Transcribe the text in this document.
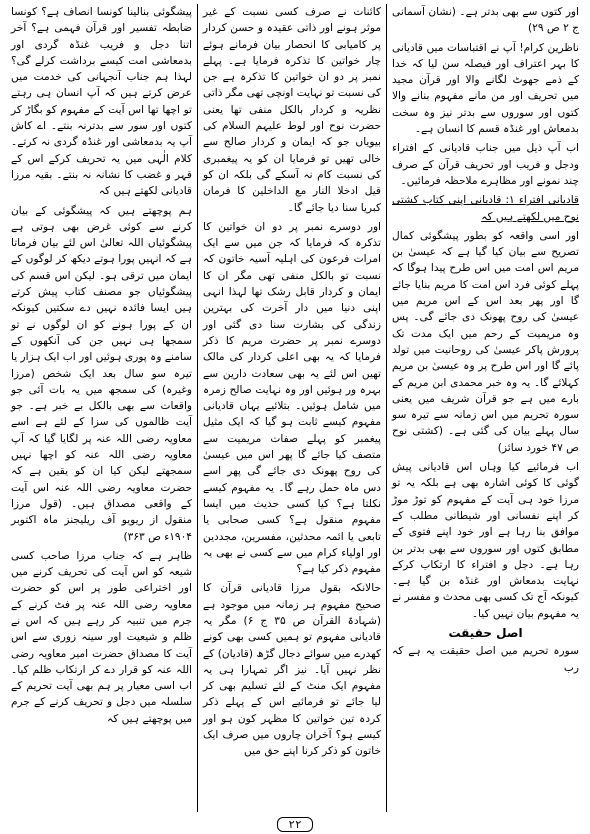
اور کتوں سے بھی بدتر ہے۔ (نشان آسمانی ج ۲ ص ۲۹)

ناظرین کرام! آپ نے اقتباسات میں قادیانی کا بہر اعتراف اور فیصلہ سن لیا کہ خدا کے ذمے جھوٹ لگانے والا اور قرآن مجید میں تحریف اور من مانے مفہوم بنانے والا کتوں اور سوروں سے بدتر نیز وہ سخت بدمعاش اور غنڈہ قسم کا انسان ہے۔

اب آپ ذیل میں جناب قادیانی کے افتراء ودجل و فریب اور تحریف قرآن کے صرف چند نمونے اور مظاہرے ملاحظہ فرمائیں۔

قادیانی افتراء ۱: قادیانی اپنی کتاب کشتی نوح میں لکھتے ہیں کہ

اور اسی واقعہ کو بطور پیشگوئی کمال تصریح سے بیان کیا گیا ہے کہ عیسیٰ بن مریم اس امت میں اس طرح پیدا ہوگا کہ پہلے کوئی فرد اس امت کا مریم بنایا جائے گا اور پھر بعد اس کے اس مریم میں عیسیٰ کی روح پھونک دی جائے گی۔ پس وہ مریمیت کے رحم میں ایک مدت تک پرورش پاکر عیسیٰ کی روحانیت میں تولد پائے گا اور اس طرح پر وہ عیسیٰ بن مریم کہلائے گا۔ یہ وہ خبر محمدی ابن مریم کے بارے میں ہے جو قرآن شریف میں یعنی سورہ تحریم میں اس زمانہ سے تیرہ سو سال پہلے بیان کی گئی ہے۔ (کشتی نوح ص ۴۷ خورد سائز)

اب فرمائیے کیا وہاں اس قادیانی پیش گوئی کا کوئی اشارہ بھی ہے بلکہ یہ تو مرزا خود ہی آیت کے مفہوم کو توڑ موڑ کر اپنے نفسانی اور شیطانی مطلب کے موافق بنا رہا ہے اور خود اپنے فتوی کے مطابق کتوں اور سوروں سے بھی بدتر بن رہا ہے۔ دجل و افتراء کا ارتکاب کرکے نہایت بدمعاش اور غنڈہ بن گیا ہے۔ کیونکہ آج تک کسی بھی محدث و مفسر نے یہ مفہوم بیان نہیں کیا۔

اصل حقیقت

سورہ تحریم میں اصل حقیقت یہ ہے کہ رب

کائنات نے صرف کسی نسبت کے غیر موثر ہونے اور ذاتی عقیدہ و حسن کردار پر کامیابی کا انحصار بیان فرمانے ہوئے چار خواتین کا تذکرہ فرمایا ہے۔ پہلے نمبر پر دو ان خواتین کا تذکرہ ہے جن کی نسبت تو نہایت اونچی تھی مگر ذاتی نظریہ و کردار بالکل منفی تھا یعنی حضرت نوح اور لوط علیہم السلام کی بیویاں جو کہ ایمان و کردار صالح سے خالی تھیں تو فرمایا ان کو یہ پیغمبری کی نسبت کام نہ آسکے گی بلکہ ان کو قیل ادخلا النار مع الداخلین کا فرمان کبریا سنا دیا جائے گا۔

اور دوسرے نمبر پر دو ان خواتین کا تذکرہ کہ فرمایا کہ جن میں سے ایک امرات فرعون کی اہلیہ آسیہ خاتون کہ نسبت تو بالکل منفی تھی مگر ان کا ایمان و کردار قابل رشک تھا لہذا انہی اپنی دنیا میں دار آخرت کی بہترین زندگی کی بشارت سنا دی گئی اور دوسرے نمبر پر حضرت مریم کا ذکر فرمایا کہ یہ بھی اعلی کردار کی مالک تھیں اس لئے یہ بھی سعادت دارین سے بہرہ ور ہوئیں اور وہ نہایت صالح زمرہ میں شامل ہوئیں۔ بتلائیے یہاں قادیانی مفہوم کیسے ثابت ہو گیا کہ ایک مثیل پیغمبر کو پہلے صفات مریمیت سے متصف کیا جائے گا پھر اس میں عیسیٰ کی روح پھونک دی جائے گی پھر اسے دس ماہ حمل رہے گا۔ یہ مفہوم کیسے نکلتا ہے؟ کیا کسی حدیث میں ایسا مفہوم منقول ہے؟ کسی صحابی یا تابعی یا ائمہ محدثین، مفسرین، مجددین اور اولیاء کرام میں سے کسی نے بھی یہ مفہوم ذکر کیا ہے؟

حالانکہ بقول مرزا قادیانی قرآن کا صحیح مفہوم ہر زمانہ میں موجود ہے (شہادۃ القرآن ص ۳۵ ج ۶) مگر یہ قادیانی مفہوم تو ہمیں کسی بھی کونے کھدرے میں سوائے دجال گڑھ (قادیان) کے نظر نہیں آیا۔ نیز اگر تمہارا ہی یہ مفہوم ایک منٹ کے لئے تسلیم بھی کر لیا جائے تو فرمائیے اس کے پہلے ذکر کردہ تین خواتین کا مظہر کون ہو اور کیسے ہو؟ آخران چاروں میں صرف ایک خاتون کو ذکر کرنا اپنے حق میں

پیشگوئی بنالینا کونسا انصاف ہے؟ کونسا ضابطہ تفسیر اور قرآن فہمی ہے؟ آخر اتنا دجل و فریب غنڈہ گردی اور بدمعاشی امت کیسے برداشت کرلے گی؟ لہذا ہم جناب آنجہانی کی خدمت میں عرض کرتے ہیں کہ آپ انسان ہی رہتے تو اچھا تھا اس آیت کے مفہوم کو بگاڑ کر کتوں اور سور سے بدترنہ بنتے۔ اے کاش آپ یہ بدمعاشی اور غنڈہ گردی نہ کرتے۔ کلام الٰہی میں یہ تحریف کرکے اس کے قہر و غضب کا نشانہ نہ بنتے۔ بقیہ مرزا قادیانی لکھتے ہیں کہ

ہم پوچھتے ہیں کہ پیشگوئی کے بیان کرنے سے کوئی غرض بھی ہوتی ہے پیشگوئیاں اللہ تعالیٰ اس لئے بیان فرماتا ہے کہ انہیں پورا ہوتے دیکھ کر لوگوں کے ایمان میں ترقی ہو۔ لیکن اس قسم کی پیشگوئیاں جو مصنف کتاب پیش کرتے ہیں ایسا فائدہ نہیں دے سکتیں کیونکہ ان کے پورا ہونے کو ان لوگوں نے تو سمجھا ہی نہیں جن کی آنکھوں کے سامنے وہ پوری ہوئیں اور اب ایک ہزار یا تیرہ سو سال بعد ایک شخص (مرزا وغیرہ) کی سمجھ میں یہ بات آئی جو واقعات سے بھی بالکل بے خبر ہے۔ جو آیت ظالموں کی سزا کے لئے ہے اسے معاویہ رضی اللہ عنہ پر لگایا گیا کہ آپ معاویہ رضی اللہ عنہ کو اچھا نہیں سمجھتے لیکن کیا ان کو یقین ہے کہ حضرت معاویہ رضی اللہ عنہ اس آیت کے واقعی مصداق ہیں۔ (قول مرزا منقول از ریویو آف ریلیجنز ماہ اکتوبر ۱۹۰۴ء ص ۳۶۳)

ظاہر ہے کہ جناب مرزا صاحب کسی شیعہ کو اس آیت کی تحریف کرنے میں اور اختراعی طور پر اس کو حضرت معاویہ رضی اللہ عنہ پر فٹ کرنے کے جرم میں تنبیہ کر رہے ہیں کہ اس نے ظلم و شیعیت اور سینہ زوری سے اس آیت کا مصداق حضرت امیر معاویہ رضی اللہ عنہ کو قرار دے کر ارتکاب ظلم کیا۔ اب اسی معیار پر ہم بھی آیت تحریم کے سلسلہ میں دجل و تحریف کرنے کے جرم میں پوچھتے ہیں کہ

۲۲
